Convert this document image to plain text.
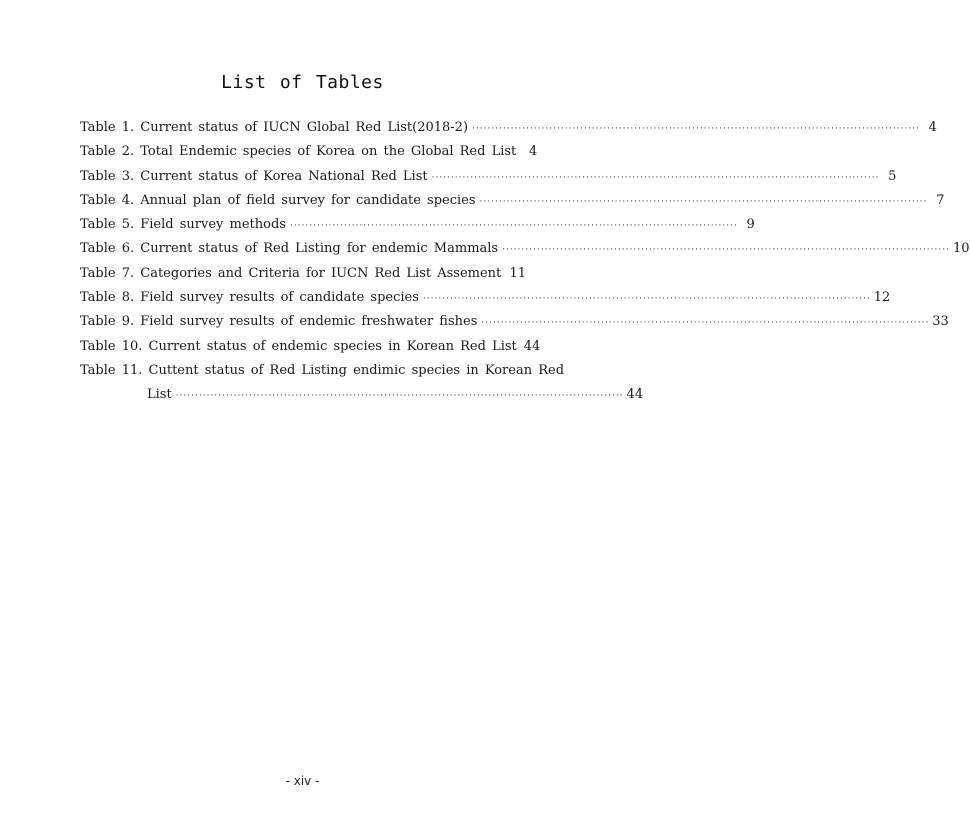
List of Tables
Table 1. Current status of IUCN Global Red List(2018-2) ·····	4
Table 2. Total Endemic species of Korea on the Global Red List 4
Table 3. Current status of Korea National Red List ·····	5
Table 4. Annual plan of field survey for candidate species ·····	7
Table 5. Field survey methods ·····	9
Table 6. Current status of Red Listing for endemic Mammals ·····	10
Table 7. Categories and Criteria for IUCN Red List Assement ····· 11
Table 8. Field survey results of candidate species ·····	12
Table 9. Field survey results of endemic freshwater fishes ·····	33
Table 10. Current status of endemic species in Korean Red List 44
Table 11. Cuttent status of Red Listing endimic species in Korean Red
List ·····	44
- xiv -
